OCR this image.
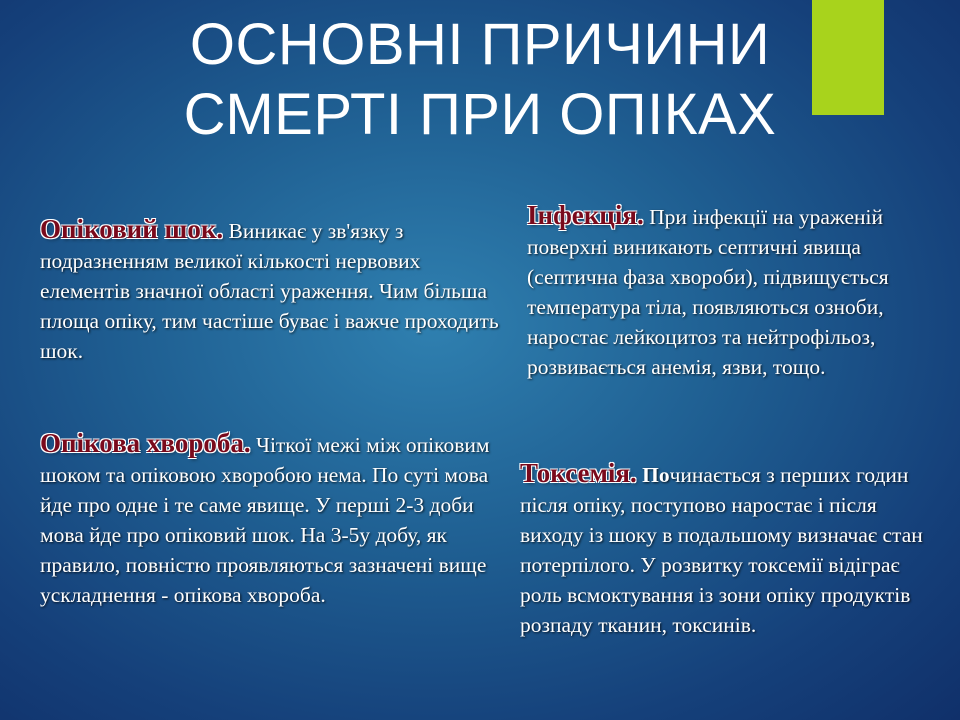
ОСНОВНІ ПРИЧИНИ
СМЕРТІ ПРИ ОПІКАХ

Опіковий шок. Виникає у зв'язку з подразненням великої кількості нервових елементів значної області ураження. Чим більша площа опіку, тим частіше буває і важче проходить шок.

Інфекція. При інфекції на ураженій поверхні виникають септичні явища (септична фаза хвороби), підвищується температура тіла, появляються озноби, наростає лейкоцитоз та нейтрофільоз, розвивається анемія, язви, тощо.

Опікова хвороба. Чіткої межі між опіковим шоком та опіковою хворобою нема. По суті мова йде про одне і те саме явище. У перші 2-3 доби мова йде про опіковий шок. На 3-5у добу, як правило, повністю проявляються зазначені вище ускладнення - опікова хвороба.

Токсемія. Починається з перших годин після опіку, поступово наростає і після виходу із шоку в подальшому визначає стан потерпілого. У розвитку токсемії відіграє роль всмоктування із зони опіку продуктів розпаду тканин, токсинів.
